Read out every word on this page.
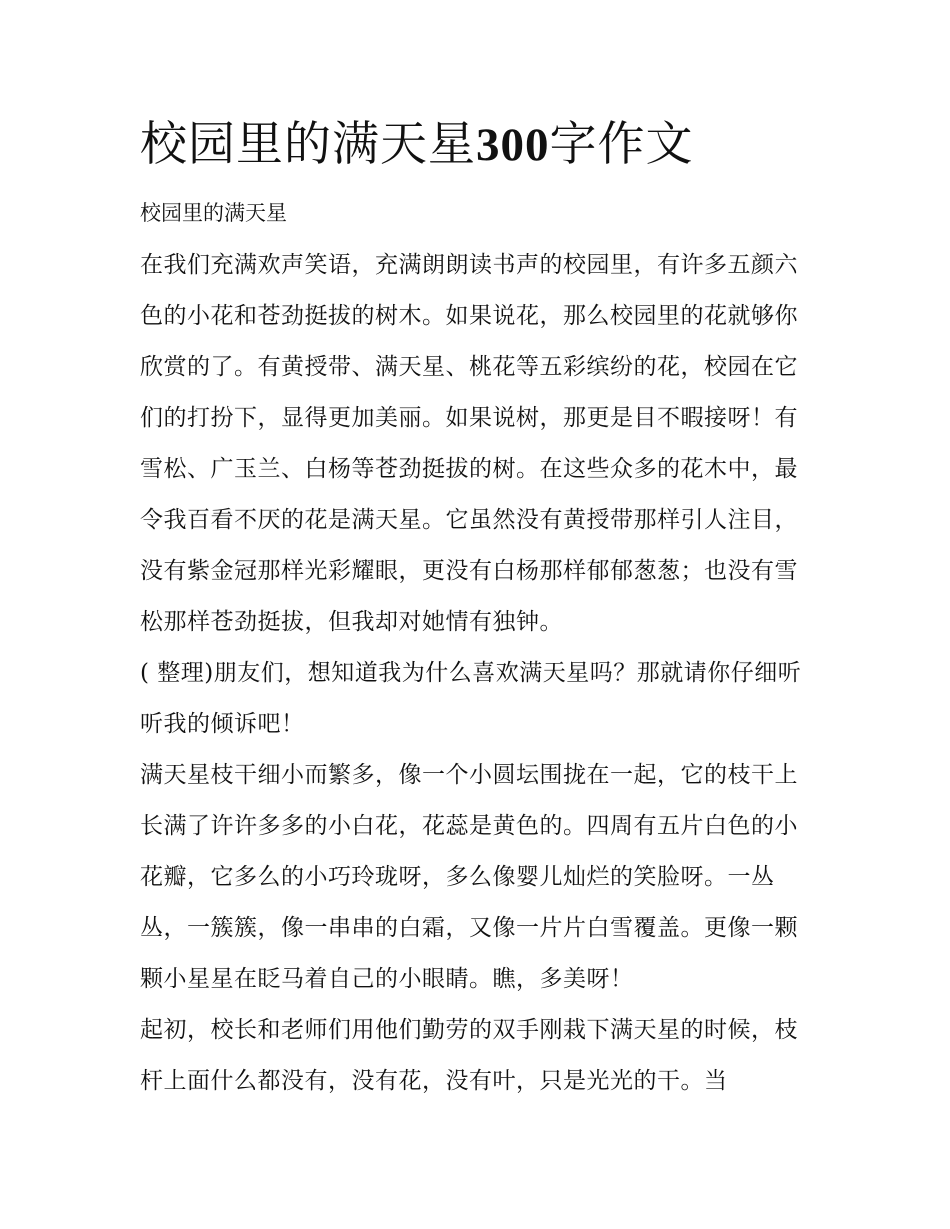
校园里的满天星300字作文

校园里的满天星

在我们充满欢声笑语，充满朗朗读书声的校园里，有许多五颜六色的小花和苍劲挺拔的树木。如果说花，那么校园里的花就够你欣赏的了。有黄授带、满天星、桃花等五彩缤纷的花，校园在它们的打扮下，显得更加美丽。如果说树，那更是目不暇接呀！有雪松、广玉兰、白杨等苍劲挺拔的树。在这些众多的花木中，最令我百看不厌的花是满天星。它虽然没有黄授带那样引人注目，没有紫金冠那样光彩耀眼，更没有白杨那样郁郁葱葱；也没有雪松那样苍劲挺拔，但我却对她情有独钟。

( 整理)朋友们，想知道我为什么喜欢满天星吗？那就请你仔细听听我的倾诉吧！

满天星枝干细小而繁多，像一个小圆坛围拢在一起，它的枝干上长满了许许多多的小白花，花蕊是黄色的。四周有五片白色的小花瓣，它多么的小巧玲珑呀，多么像婴儿灿烂的笑脸呀。一丛丛，一簇簇，像一串串的白霜，又像一片片白雪覆盖。更像一颗颗小星星在眨马着自己的小眼睛。瞧，多美呀！

起初，校长和老师们用他们勤劳的双手刚栽下满天星的时候，枝杆上面什么都没有，没有花，没有叶，只是光光的干。当
